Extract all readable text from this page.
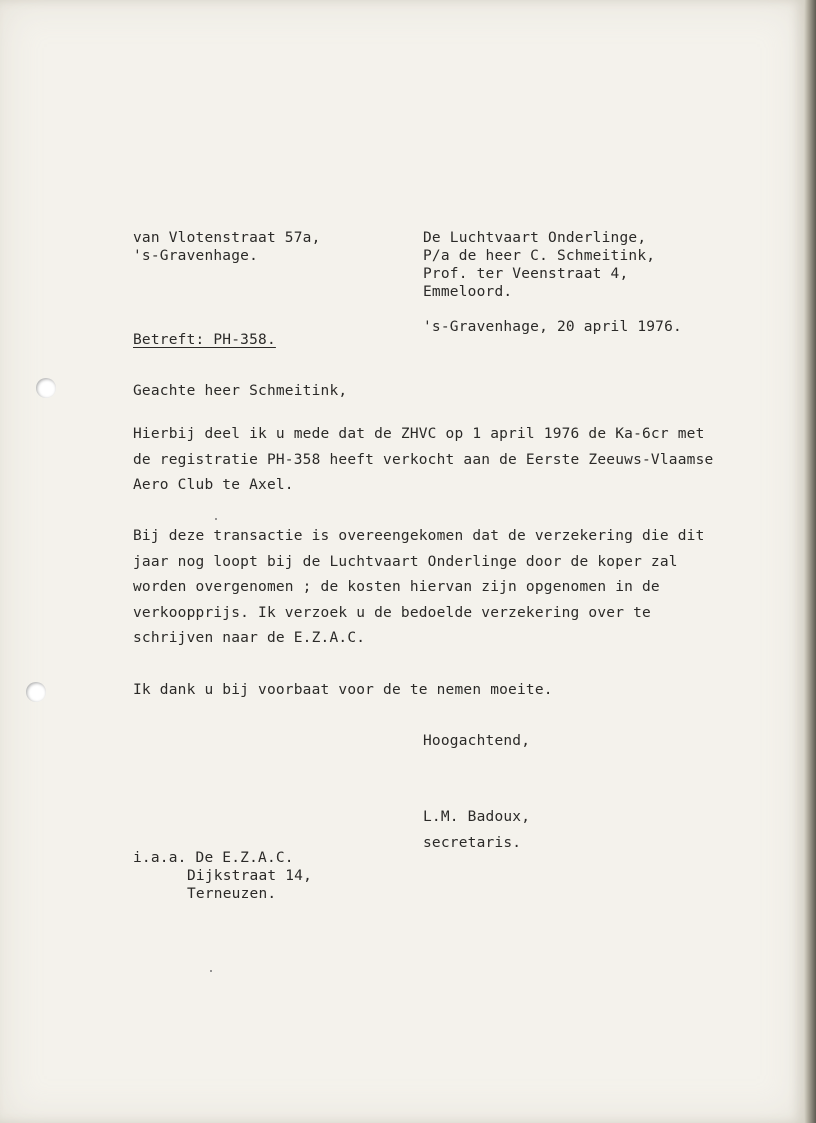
van Vlotenstraat 57a,
's-Gravenhage.
De Luchtvaart Onderlinge,
P/a de heer C. Schmeitink,
Prof. ter Veenstraat 4,
Emmeloord.
's-Gravenhage, 20 april 1976.
Betreft: PH-358.
Geachte heer Schmeitink,
Hierbij deel ik u mede dat de ZHVC op 1 april 1976 de Ka-6cr met
de registratie PH-358 heeft verkocht aan de Eerste Zeeuws-Vlaamse
Aero Club te Axel.
Bij deze transactie is overeengekomen dat de verzekering die dit
jaar nog loopt bij de Luchtvaart Onderlinge door de koper zal
worden overgenomen ; de kosten hiervan zijn opgenomen in de
verkoopprijs. Ik verzoek u de bedoelde verzekering over te
schrijven naar de E.Z.A.C.
Ik dank u bij voorbaat voor de te nemen moeite.
Hoogachtend,
L.M. Badoux,
secretaris.
i.a.a. De E.Z.A.C.
Dijkstraat 14,
Terneuzen.
